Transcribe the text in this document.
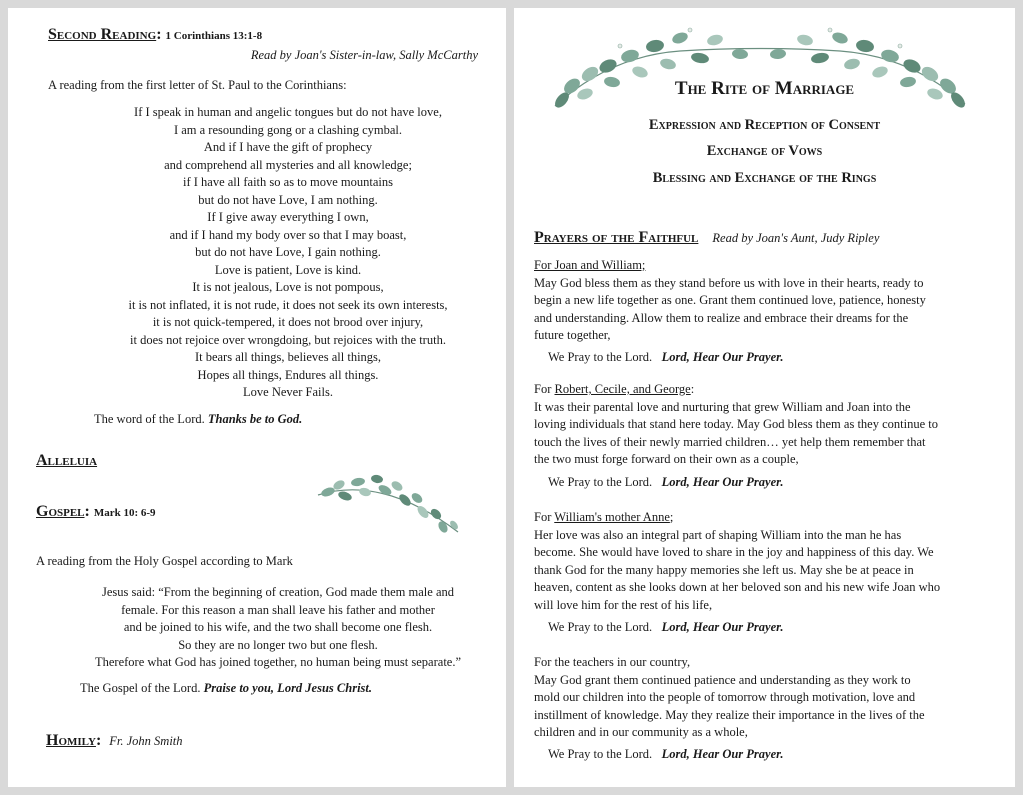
Second Reading: 1 Corinthians 13:1-8
Read by Joan's Sister-in-law, Sally McCarthy
A reading from the first letter of St. Paul to the Corinthians:
If I speak in human and angelic tongues but do not have love,
I am a resounding gong or a clashing cymbal.
And if I have the gift of prophecy
and comprehend all mysteries and all knowledge;
if I have all faith so as to move mountains
but do not have Love, I am nothing.
If I give away everything I own,
and if I hand my body over so that I may boast,
but do not have Love, I gain nothing.
Love is patient, Love is kind.
It is not jealous, Love is not pompous,
it is not inflated, it is not rude, it does not seek its own interests,
it is not quick-tempered, it does not brood over injury,
it does not rejoice over wrongdoing, but rejoices with the truth.
It bears all things, believes all things,
Hopes all things, Endures all things.
Love Never Fails.
The word of the Lord. Thanks be to God.
Alleluia
Gospel: Mark 10: 6-9
A reading from the Holy Gospel according to Mark
Jesus said: “From the beginning of creation, God made them male and
female. For this reason a man shall leave his father and mother
and be joined to his wife, and the two shall become one flesh.
So they are no longer two but one flesh.
Therefore what God has joined together, no human being must separate.”
The Gospel of the Lord. Praise to you, Lord Jesus Christ.
Homily: Fr. John Smith
The Rite of Marriage
Expression and Reception of Consent
Exchange of Vows
Blessing and Exchange of the Rings
Prayers of the Faithful Read by Joan's Aunt, Judy Ripley
For Joan and William;
May God bless them as they stand before us with love in their hearts, ready to
begin a new life together as one. Grant them continued love, patience, honesty
and understanding. Allow them to realize and embrace their dreams for the
future together,
We Pray to the Lord. Lord, Hear Our Prayer.
For Robert, Cecile, and George:
It was their parental love and nurturing that grew William and Joan into the
loving individuals that stand here today. May God bless them as they continue to
touch the lives of their newly married children… yet help them remember that
the two must forge forward on their own as a couple,
We Pray to the Lord. Lord, Hear Our Prayer.
For William's mother Anne;
Her love was also an integral part of shaping William into the man he has
become. She would have loved to share in the joy and happiness of this day. We
thank God for the many happy memories she left us. May she be at peace in
heaven, content as she looks down at her beloved son and his new wife Joan who
will love him for the rest of his life,
We Pray to the Lord. Lord, Hear Our Prayer.
For the teachers in our country,
May God grant them continued patience and understanding as they work to
mold our children into the people of tomorrow through motivation, love and
instillment of knowledge. May they realize their importance in the lives of the
children and in our community as a whole,
We Pray to the Lord. Lord, Hear Our Prayer.
